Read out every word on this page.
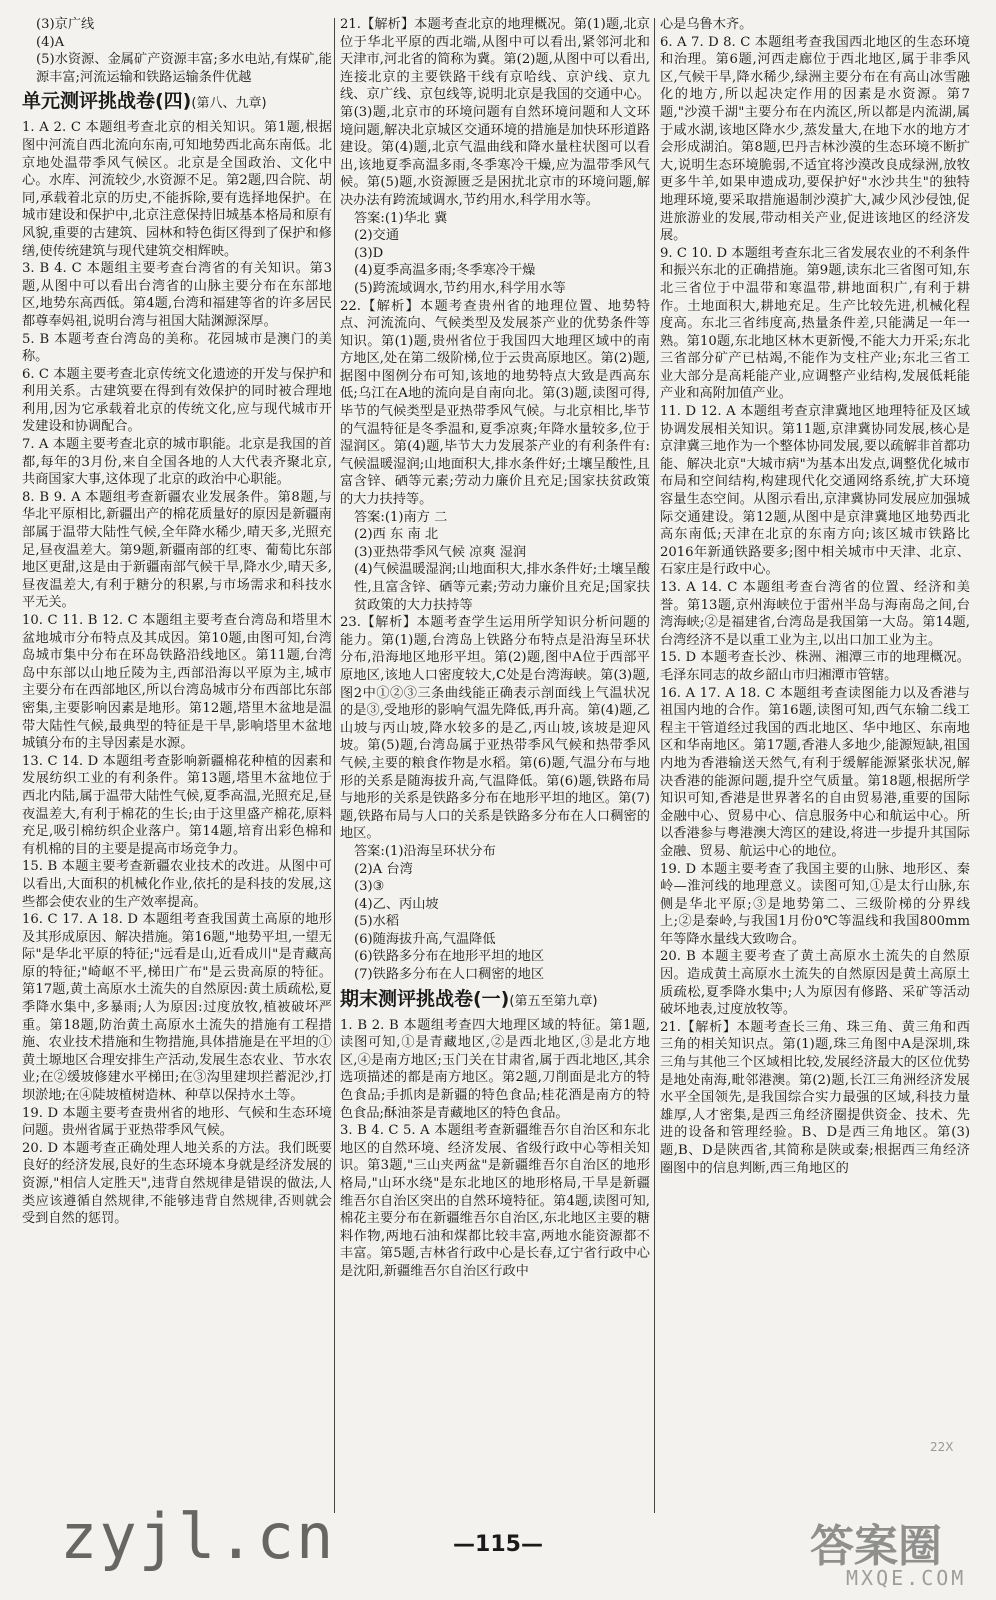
(3)京广线

(4)A

(5)水资源、金属矿产资源丰富;多水电站,有煤矿,能源丰富;河流运输和铁路运输条件优越

单元测评挑战卷(四)(第八、九章)

1. A 2. C 本题组考查北京的相关知识。第1题,根据图中河流自西北流向东南,可知地势西北高东南低。北京地处温带季风气候区。北京是全国政治、文化中心。水库、河流较少,水资源不足。第2题,四合院、胡同,承载着北京的历史,不能拆除,要有选择地保护。在城市建设和保护中,北京注意保持旧城基本格局和原有风貌,重要的古建筑、园林和特色街区得到了保护和修缮,使传统建筑与现代建筑交相辉映。

3. B 4. C 本题组主要考查台湾省的有关知识。第3题,从图中可以看出台湾省的山脉主要分布在东部地区,地势东高西低。第4题,台湾和福建等省的许多居民都尊奉妈祖,说明台湾与祖国大陆渊源深厚。

5. B 本题考查台湾岛的美称。花园城市是澳门的美称。

6. C 本题主要考查北京传统文化遗迹的开发与保护和利用关系。古建筑要在得到有效保护的同时被合理地利用,因为它承载着北京的传统文化,应与现代城市开发建设和协调配合。

7. A 本题主要考查北京的城市职能。北京是我国的首都,每年的3月份,来自全国各地的人大代表齐聚北京,共商国家大事,这体现了北京的政治中心职能。

8. B 9. A 本题组考查新疆农业发展条件。第8题,与华北平原相比,新疆出产的棉花质量好的原因是新疆南部属于温带大陆性气候,全年降水稀少,晴天多,光照充足,昼夜温差大。第9题,新疆南部的红枣、葡萄比东部地区更甜,这是由于新疆南部气候干旱,降水少,晴天多,昼夜温差大,有利于糖分的积累,与市场需求和科技水平无关。

10. C 11. B 12. C 本题组主要考查台湾岛和塔里木盆地城市分布特点及其成因。第10题,由图可知,台湾岛城市集中分布在环岛铁路沿线地区。第11题,台湾岛中东部以山地丘陵为主,西部沿海以平原为主,城市主要分布在西部地区,所以台湾岛城市分布西部比东部密集,主要影响因素是地形。第12题,塔里木盆地是温带大陆性气候,最典型的特征是干旱,影响塔里木盆地城镇分布的主导因素是水源。

13. C 14. D 本题组考查影响新疆棉花种植的因素和发展纺织工业的有利条件。第13题,塔里木盆地位于西北内陆,属于温带大陆性气候,夏季高温,光照充足,昼夜温差大,有利于棉花的生长;由于这里盛产棉花,原料充足,吸引棉纺织企业落户。第14题,培育出彩色棉和有机棉的目的主要是提高市场竞争力。

15. B 本题主要考查新疆农业技术的改进。从图中可以看出,大面积的机械化作业,依托的是科技的发展,这些都会使农业的生产效率提高。

16. C 17. A 18. D 本题组考查我国黄土高原的地形及其形成原因、解决措施。第16题,"地势平坦,一望无际"是华北平原的特征;"远看是山,近看成川"是青藏高原的特征;"崎岖不平,梯田广布"是云贵高原的特征。第17题,黄土高原水土流失的自然原因:黄土质疏松,夏季降水集中,多暴雨;人为原因:过度放牧,植被破坏严重。第18题,防治黄土高原水土流失的措施有工程措施、农业技术措施和生物措施,具体措施是在平坦的①黄土塬地区合理安排生产活动,发展生态农业、节水农业;在②缓坡修建水平梯田;在③沟里建坝拦蓄泥沙,打坝淤地;在④陡坡植树造林、种草以保持水土等。

19. D 本题主要考查贵州省的地形、气候和生态环境问题。贵州省属于亚热带季风气候。

20. D 本题考查正确处理人地关系的方法。我们既要良好的经济发展,良好的生态环境本身就是经济发展的资源,"相信人定胜天",违背自然规律是错误的做法,人类应该遵循自然规律,不能够违背自然规律,否则就会受到自然的惩罚。

21.【解析】本题考查北京的地理概况。第(1)题,北京位于华北平原的西北端,从图中可以看出,紧邻河北和天津市,河北省的简称为冀。第(2)题,从图中可以看出,连接北京的主要铁路干线有京哈线、京沪线、京九线、京广线、京包线等,说明北京是我国的交通中心。第(3)题,北京市的环境问题有自然环境问题和人文环境问题,解决北京城区交通环境的措施是加快环形道路建设。第(4)题,北京气温曲线和降水量柱状图可以看出,该地夏季高温多雨,冬季寒冷干燥,应为温带季风气候。第(5)题,水资源匮乏是困扰北京市的环境问题,解决办法有跨流域调水,节约用水,科学用水等。

答案:(1)华北 冀

(2)交通

(3)D

(4)夏季高温多雨;冬季寒冷干燥

(5)跨流域调水,节约用水,科学用水等

22.【解析】本题考查贵州省的地理位置、地势特点、河流流向、气候类型及发展茶产业的优势条件等知识。第(1)题,贵州省位于我国四大地理区域中的南方地区,处在第二级阶梯,位于云贵高原地区。第(2)题,据图中图例分布可知,该地的地势特点大致是西高东低;乌江在A地的流向是自南向北。第(3)题,读图可得,毕节的气候类型是亚热带季风气候。与北京相比,毕节的气温特征是冬季温和,夏季凉爽;年降水量较多,位于湿润区。第(4)题,毕节大力发展茶产业的有利条件有:气候温暖湿润;山地面积大,排水条件好;土壤呈酸性,且富含锌、硒等元素;劳动力廉价且充足;国家扶贫政策的大力扶持等。

答案:(1)南方 二

(2)西 东 南 北

(3)亚热带季风气候 凉爽 湿润

(4)气候温暖湿润;山地面积大,排水条件好;土壤呈酸性,且富含锌、硒等元素;劳动力廉价且充足;国家扶贫政策的大力扶持等

23.【解析】本题考查学生运用所学知识分析问题的能力。第(1)题,台湾岛上铁路分布特点是沿海呈环状分布,沿海地区地形平坦。第(2)题,图中A位于西部平原地区,该地人口密度较大,C处是台湾海峡。第(3)题,图2中①②③三条曲线能正确表示剖面线上气温状况的是③,受地形的影响气温先降低,再升高。第(4)题,乙山坡与丙山坡,降水较多的是乙,丙山坡,该坡是迎风坡。第(5)题,台湾岛属于亚热带季风气候和热带季风气候,主要的粮食作物是水稻。第(6)题,气温分布与地形的关系是随海拔升高,气温降低。第(6)题,铁路布局与地形的关系是铁路多分布在地形平坦的地区。第(7)题,铁路布局与人口的关系是铁路多分布在人口稠密的地区。

答案:(1)沿海呈环状分布

(2)A 台湾

(3)③

(4)乙、丙山坡

(5)水稻

(6)随海拔升高,气温降低

(6)铁路多分布在地形平坦的地区

(7)铁路多分布在人口稠密的地区

期末测评挑战卷(一)(第五至第九章)

1. B 2. B 本题组考查四大地理区域的特征。第1题,读图可知,①是青藏地区,②是西北地区,③是北方地区,④是南方地区;玉门关在甘肃省,属于西北地区,其余选项描述的都是南方地区。第2题,刀削面是北方的特色食品;手抓肉是新疆的特色食品;桂花酒是南方的特色食品;酥油茶是青藏地区的特色食品。

3. B 4. C 5. A 本题组考查新疆维吾尔自治区和东北地区的自然环境、经济发展、省级行政中心等相关知识。第3题,"三山夹两盆"是新疆维吾尔自治区的地形格局,"山环水绕"是东北地区的地形格局,干旱是新疆维吾尔自治区突出的自然环境特征。第4题,读图可知,棉花主要分布在新疆维吾尔自治区,东北地区主要的糖料作物,两地石油和煤都比较丰富,两地水能资源都不丰富。第5题,吉林省行政中心是长春,辽宁省行政中心是沈阳,新疆维吾尔自治区行政中

心是乌鲁木齐。

6. A 7. D 8. C 本题组考查我国西北地区的生态环境和治理。第6题,河西走廊位于西北地区,属于非季风区,气候干旱,降水稀少,绿洲主要分布在有高山冰雪融化的地方,所以起决定作用的因素是水资源。第7题,"沙漠千湖"主要分布在内流区,所以都是内流湖,属于咸水湖,该地区降水少,蒸发量大,在地下水的地方才会形成湖泊。第8题,巴丹吉林沙漠的生态环境不断扩大,说明生态环境脆弱,不适宜将沙漠改良成绿洲,放牧更多牛羊,如果申遗成功,要保护好"水沙共生"的独特地理环境,要采取措施遏制沙漠扩大,减少风沙侵蚀,促进旅游业的发展,带动相关产业,促进该地区的经济发展。

9. C 10. D 本题组考查东北三省发展农业的不利条件和振兴东北的正确措施。第9题,读东北三省图可知,东北三省位于中温带和寒温带,耕地面积广,有利于耕作。土地面积大,耕地充足。生产比较先进,机械化程度高。东北三省纬度高,热量条件差,只能满足一年一熟。第10题,东北地区林木更新慢,不能大力开采;东北三省部分矿产已枯竭,不能作为支柱产业;东北三省工业大部分是高耗能产业,应调整产业结构,发展低耗能产业和高附加值产业。

11. D 12. A 本题组考查京津冀地区地理特征及区域协调发展相关知识。第11题,京津冀协同发展,核心是京津冀三地作为一个整体协同发展,要以疏解非首都功能、解决北京"大城市病"为基本出发点,调整优化城市布局和空间结构,构建现代化交通网络系统,扩大环境容量生态空间。从图示看出,京津冀协同发展应加强城际交通建设。第12题,从图中是京津冀地区地势西北高东南低;天津在北京的东南方向;该区城市铁路比2016年新通铁路要多;图中相关城市中天津、北京、石家庄是行政中心。

13. A 14. C 本题组考查台湾省的位置、经济和美誉。第13题,京州海峡位于雷州半岛与海南岛之间,台湾海峡;②是福建省,台湾岛是我国第一大岛。第14题,台湾经济不是以重工业为主,以出口加工业为主。

15. D 本题考查长沙、株洲、湘潭三市的地理概况。毛泽东同志的故乡韶山市归湘潭市管辖。

16. A 17. A 18. C 本题组考查读图能力以及香港与祖国内地的合作。第16题,读图可知,西气东输二线工程主干管道经过我国的西北地区、华中地区、东南地区和华南地区。第17题,香港人多地少,能源短缺,祖国内地为香港输送天然气,有利于缓解能源紧张状况,解决香港的能源问题,提升空气质量。第18题,根据所学知识可知,香港是世界著名的自由贸易港,重要的国际金融中心、贸易中心、信息服务中心和航运中心。所以香港参与粤港澳大湾区的建设,将进一步提升其国际金融、贸易、航运中心的地位。

19. D 本题主要考查了我国主要的山脉、地形区、秦岭—淮河线的地理意义。读图可知,①是太行山脉,东侧是华北平原;③是地势第二、三级阶梯的分界线上;②是秦岭,与我国1月份0℃等温线和我国800mm年等降水量线大致吻合。

20. B 本题主要考查了黄土高原水土流失的自然原因。造成黄土高原水土流失的自然原因是黄土高原土质疏松,夏季降水集中;人为原因有修路、采矿等活动破坏地表,过度放牧等。

21.【解析】本题考查长三角、珠三角、黄三角和西三角的相关知识点。第(1)题,珠三角图中A是深圳,珠三角与其他三个区域相比较,发展经济最大的区位优势是地处南海,毗邻港澳。第(2)题,长江三角洲经济发展水平全国领先,是我国综合实力最强的区域,科技力量雄厚,人才密集,是西三角经济圈提供资金、技术、先进的设备和管理经验。B、D是西三角地区。第(3)题,B、D是陕西省,其简称是陕或秦;根据西三角经济圈图中的信息判断,西三角地区的

22X
—115—
zyjl.cn	答案圈
MXQE.COM
